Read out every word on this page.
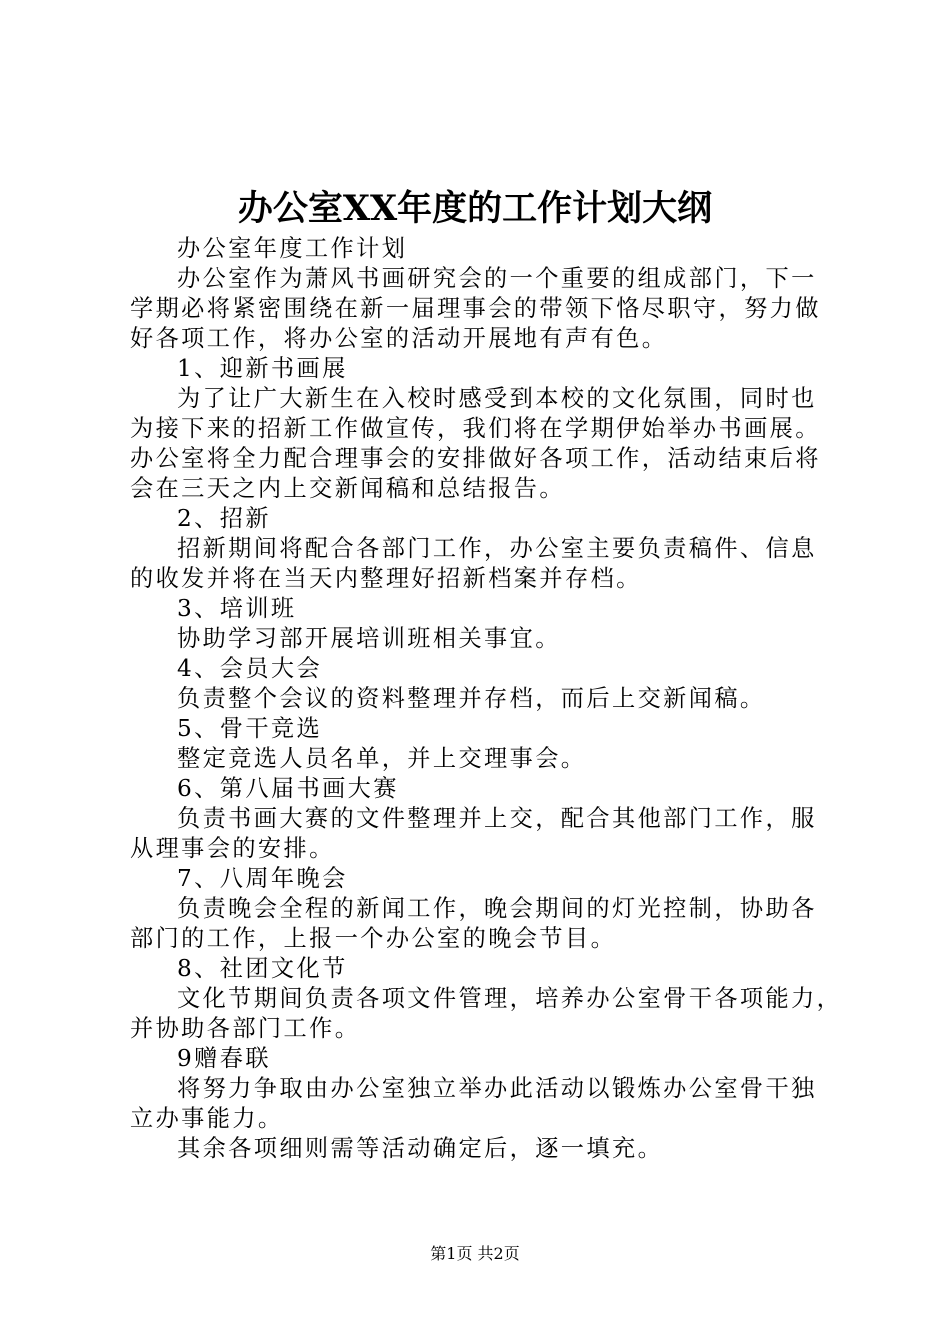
办公室XX年度的工作计划大纲
办公室年度工作计划
办公室作为萧风书画研究会的一个重要的组成部门，下一
学期必将紧密围绕在新一届理事会的带领下恪尽职守，努力做
好各项工作，将办公室的活动开展地有声有色。
1、迎新书画展
为了让广大新生在入校时感受到本校的文化氛围，同时也
为接下来的招新工作做宣传，我们将在学期伊始举办书画展。
办公室将全力配合理事会的安排做好各项工作，活动结束后将
会在三天之内上交新闻稿和总结报告。
2、招新
招新期间将配合各部门工作，办公室主要负责稿件、信息
的收发并将在当天内整理好招新档案并存档。
3、培训班
协助学习部开展培训班相关事宜。
4、会员大会
负责整个会议的资料整理并存档，而后上交新闻稿。
5、骨干竞选
整定竞选人员名单，并上交理事会。
6、第八届书画大赛
负责书画大赛的文件整理并上交，配合其他部门工作，服
从理事会的安排。
7、八周年晚会
负责晚会全程的新闻工作，晚会期间的灯光控制，协助各
部门的工作，上报一个办公室的晚会节目。
8、社团文化节
文化节期间负责各项文件管理，培养办公室骨干各项能力，
并协助各部门工作。
9赠春联
将努力争取由办公室独立举办此活动以锻炼办公室骨干独
立办事能力。
其余各项细则需等活动确定后，逐一填充。
第1页 共2页
